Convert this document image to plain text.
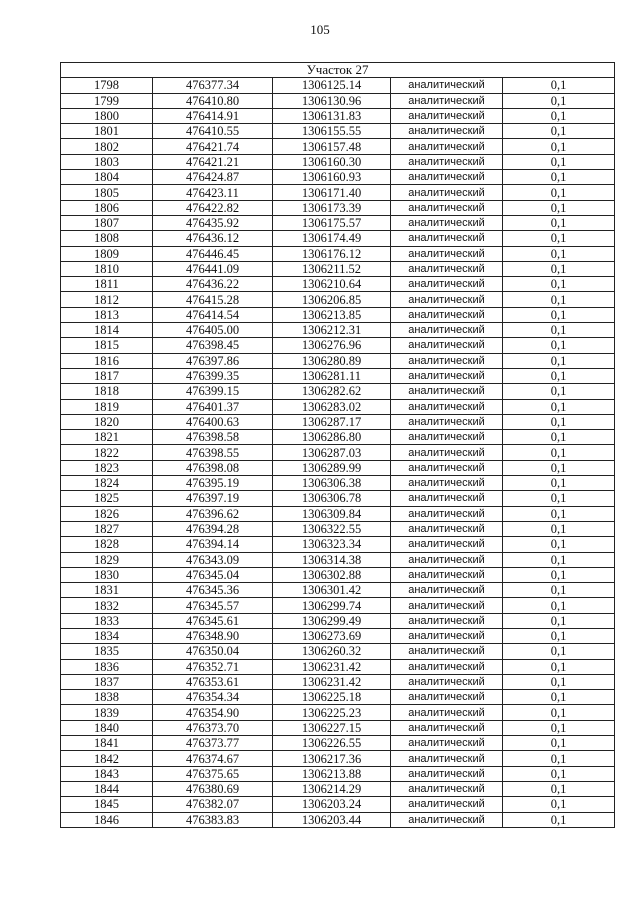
105
Участок 27				
1798	476377.34	1306125.14	аналитический	0,1
1799	476410.80	1306130.96	аналитический	0,1
1800	476414.91	1306131.83	аналитический	0,1
1801	476410.55	1306155.55	аналитический	0,1
1802	476421.74	1306157.48	аналитический	0,1
1803	476421.21	1306160.30	аналитический	0,1
1804	476424.87	1306160.93	аналитический	0,1
1805	476423.11	1306171.40	аналитический	0,1
1806	476422.82	1306173.39	аналитический	0,1
1807	476435.92	1306175.57	аналитический	0,1
1808	476436.12	1306174.49	аналитический	0,1
1809	476446.45	1306176.12	аналитический	0,1
1810	476441.09	1306211.52	аналитический	0,1
1811	476436.22	1306210.64	аналитический	0,1
1812	476415.28	1306206.85	аналитический	0,1
1813	476414.54	1306213.85	аналитический	0,1
1814	476405.00	1306212.31	аналитический	0,1
1815	476398.45	1306276.96	аналитический	0,1
1816	476397.86	1306280.89	аналитический	0,1
1817	476399.35	1306281.11	аналитический	0,1
1818	476399.15	1306282.62	аналитический	0,1
1819	476401.37	1306283.02	аналитический	0,1
1820	476400.63	1306287.17	аналитический	0,1
1821	476398.58	1306286.80	аналитический	0,1
1822	476398.55	1306287.03	аналитический	0,1
1823	476398.08	1306289.99	аналитический	0,1
1824	476395.19	1306306.38	аналитический	0,1
1825	476397.19	1306306.78	аналитический	0,1
1826	476396.62	1306309.84	аналитический	0,1
1827	476394.28	1306322.55	аналитический	0,1
1828	476394.14	1306323.34	аналитический	0,1
1829	476343.09	1306314.38	аналитический	0,1
1830	476345.04	1306302.88	аналитический	0,1
1831	476345.36	1306301.42	аналитический	0,1
1832	476345.57	1306299.74	аналитический	0,1
1833	476345.61	1306299.49	аналитический	0,1
1834	476348.90	1306273.69	аналитический	0,1
1835	476350.04	1306260.32	аналитический	0,1
1836	476352.71	1306231.42	аналитический	0,1
1837	476353.61	1306231.42	аналитический	0,1
1838	476354.34	1306225.18	аналитический	0,1
1839	476354.90	1306225.23	аналитический	0,1
1840	476373.70	1306227.15	аналитический	0,1
1841	476373.77	1306226.55	аналитический	0,1
1842	476374.67	1306217.36	аналитический	0,1
1843	476375.65	1306213.88	аналитический	0,1
1844	476380.69	1306214.29	аналитический	0,1
1845	476382.07	1306203.24	аналитический	0,1
1846	476383.83	1306203.44	аналитический	0,1
